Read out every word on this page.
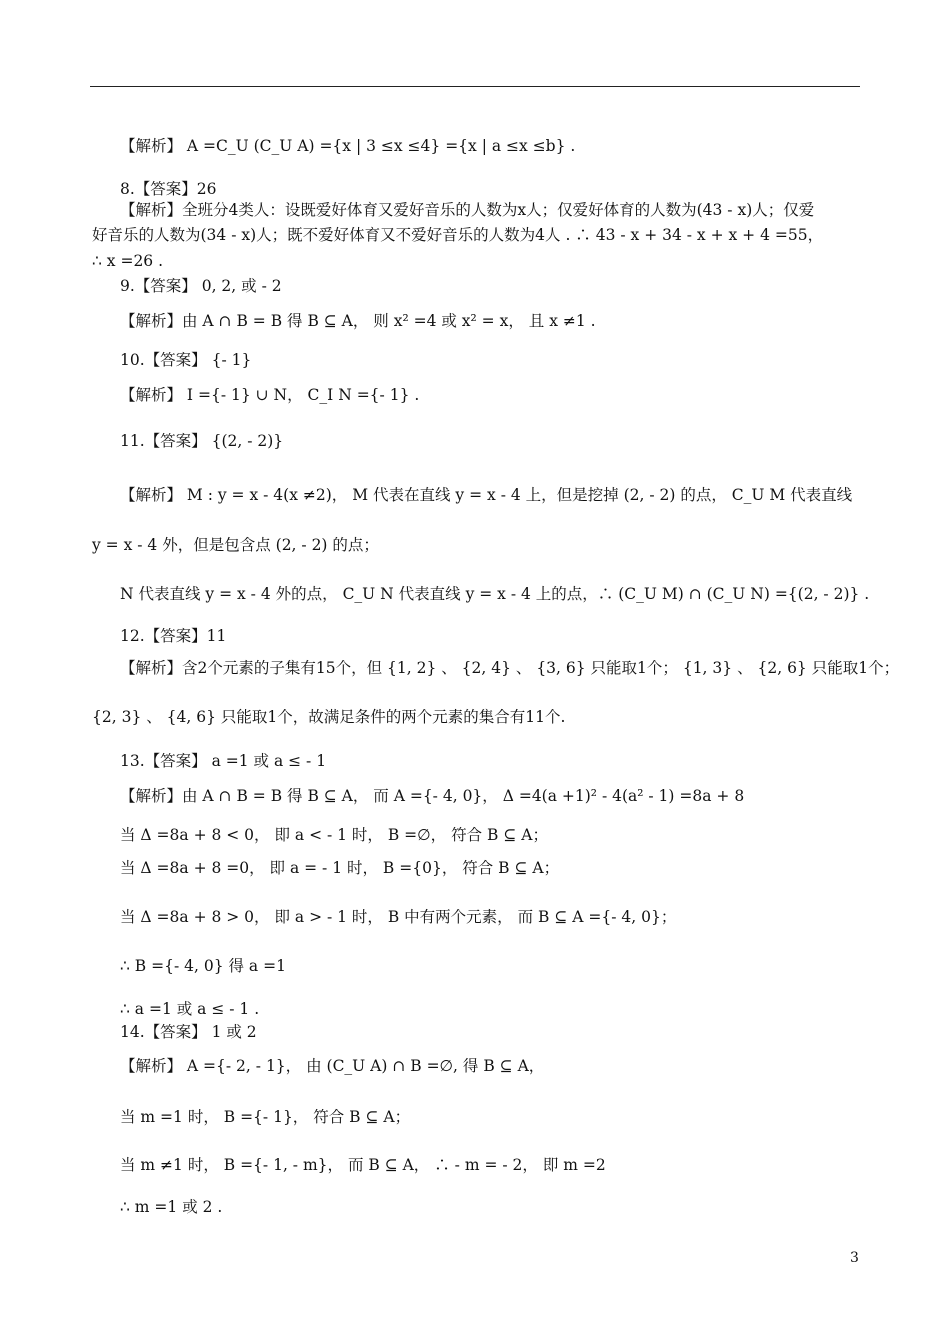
【解析】 A =C_U (C_U A) ={x | 3 ≤x ≤4} ={x | a ≤x ≤b} .
8.【答案】26
【解析】全班分4类人：设既爱好体育又爱好音乐的人数为x人；仅爱好体育的人数为(43 - x)人；仅爱
好音乐的人数为(34 - x)人；既不爱好体育又不爱好音乐的人数为4人 . ∴ 43 - x + 34 - x + x + 4 =55，
∴ x =26 .
9.【答案】 0, 2, 或 - 2
【解析】由 A ∩ B = B 得 B ⊆ A， 则 x² =4 或 x² = x， 且 x ≠1 .
10.【答案】 {- 1}
【解析】 I ={- 1} ∪ N， C_I N ={- 1} .
11.【答案】 {(2, - 2)}
【解析】 M : y = x - 4(x ≠2)， M 代表在直线 y = x - 4 上，但是挖掉 (2, - 2) 的点， C_U M 代表直线
y = x - 4 外，但是包含点 (2, - 2) 的点；
N 代表直线 y = x - 4 外的点， C_U N 代表直线 y = x - 4 上的点，∴ (C_U M) ∩ (C_U N) ={(2, - 2)} .
12.【答案】11
【解析】含2个元素的子集有15个，但 {1, 2} 、 {2, 4} 、 {3, 6} 只能取1个； {1, 3} 、 {2, 6} 只能取1个；
{2, 3} 、 {4, 6} 只能取1个，故满足条件的两个元素的集合有11个.
13.【答案】 a =1 或 a ≤ - 1
【解析】由 A ∩ B = B 得 B ⊆ A， 而 A ={- 4, 0}， Δ =4(a +1)² - 4(a² - 1) =8a + 8
当 Δ =8a + 8 < 0， 即 a < - 1 时， B =∅， 符合 B ⊆ A；
当 Δ =8a + 8 =0， 即 a = - 1 时， B ={0}， 符合 B ⊆ A；
当 Δ =8a + 8 > 0， 即 a > - 1 时， B 中有两个元素， 而 B ⊆ A ={- 4, 0}；
∴ B ={- 4, 0} 得 a =1
∴ a =1 或 a ≤ - 1 .
14.【答案】 1 或 2
【解析】 A ={- 2, - 1}， 由 (C_U A) ∩ B =∅, 得 B ⊆ A，
当 m =1 时， B ={- 1}， 符合 B ⊆ A；
当 m ≠1 时， B ={- 1, - m}， 而 B ⊆ A， ∴ - m = - 2， 即 m =2
∴ m =1 或 2 .
3
